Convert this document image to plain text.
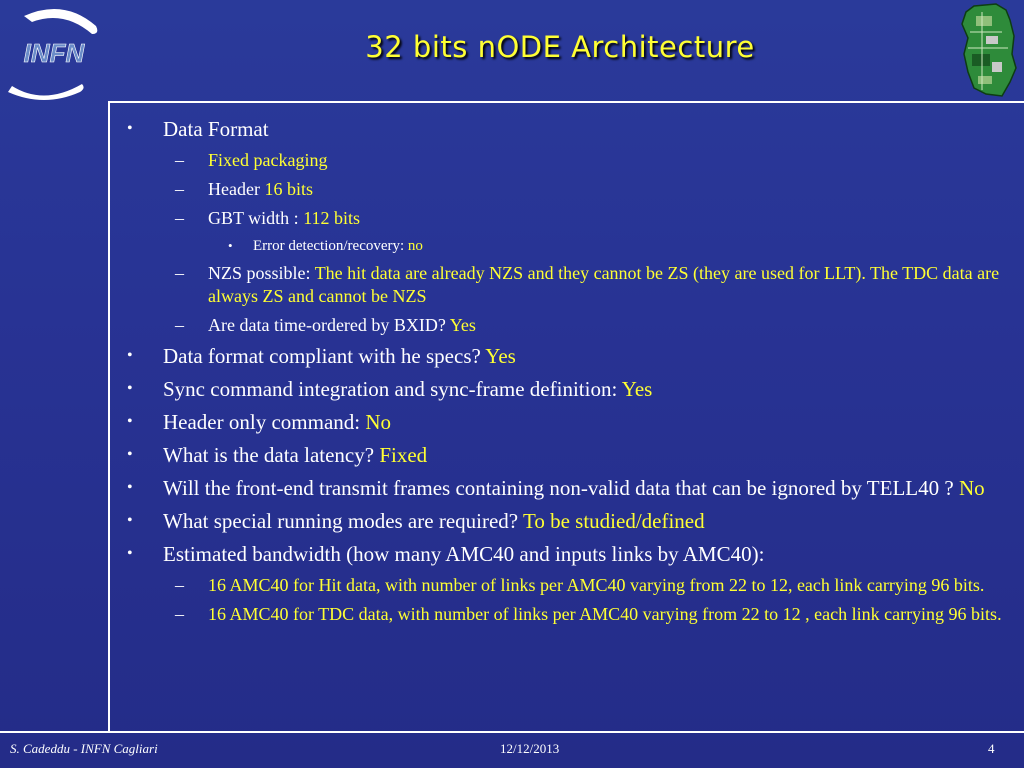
INFN	32 bits nODE Architecture
• Data Format
– Fixed packaging
– Header 16 bits
– GBT width : 112 bits
• Error detection/recovery: no
– NZS possible: The hit data are already NZS and they cannot be ZS (they are used for LLT). The TDC data are always ZS and cannot be NZS
– Are data time-ordered by BXID? Yes
• Data format compliant with he specs? Yes
• Sync command integration and sync-frame definition: Yes
• Header only command: No
• What is the data latency? Fixed
• Will the front-end transmit frames containing non-valid data that can be ignored by TELL40 ? No
• What special running modes are required? To be studied/defined
• Estimated bandwidth (how many AMC40 and inputs links by AMC40):
– 16 AMC40 for Hit data, with number of links per AMC40 varying from 22 to 12, each link carrying 96 bits.
– 16 AMC40 for TDC data, with number of links per AMC40 varying from 22 to 12 , each link carrying 96 bits.
S. Cadeddu - INFN Cagliari	12/12/2013	4
